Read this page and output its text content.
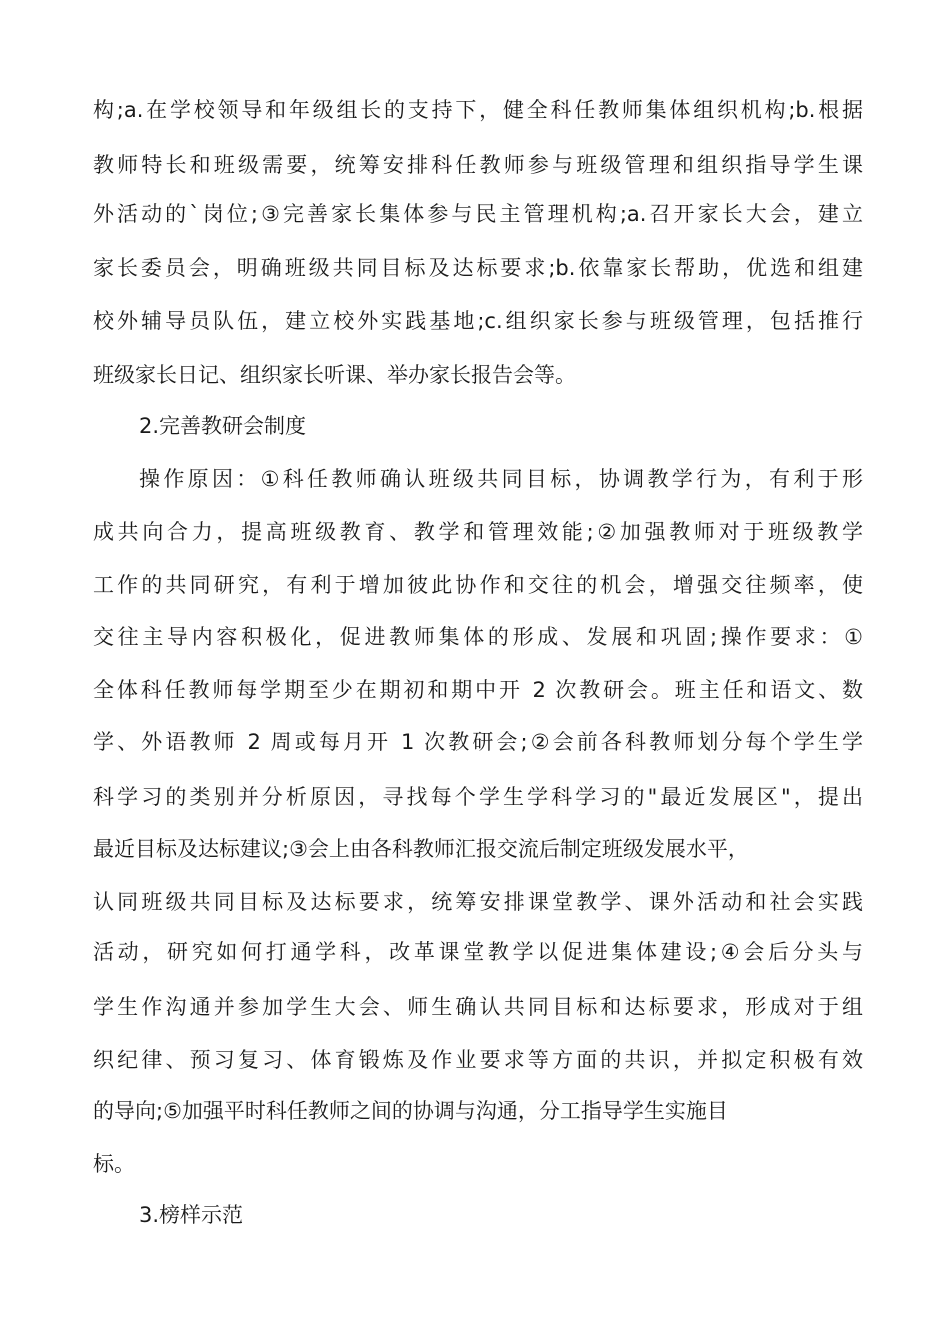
构;a.在学校领导和年级组长的支持下，健全科任教师集体组织机构;b.根据
教师特长和班级需要，统筹安排科任教师参与班级管理和组织指导学生课
外活动的`岗位;③完善家长集体参与民主管理机构;a.召开家长大会，建立
家长委员会，明确班级共同目标及达标要求;b.依靠家长帮助，优选和组建
校外辅导员队伍，建立校外实践基地;c.组织家长参与班级管理，包括推行
班级家长日记、组织家长听课、举办家长报告会等。
2.完善教研会制度
操作原因：①科任教师确认班级共同目标，协调教学行为，有利于形
成共向合力，提高班级教育、教学和管理效能;②加强教师对于班级教学
工作的共同研究，有利于增加彼此协作和交往的机会，增强交往频率，使
交往主导内容积极化，促进教师集体的形成、发展和巩固;操作要求：①
全体科任教师每学期至少在期初和期中开 2 次教研会。班主任和语文、数
学、外语教师 2 周或每月开 1 次教研会;②会前各科教师划分每个学生学
科学习的类别并分析原因，寻找每个学生学科学习的"最近发展区"，提出
最近目标及达标建议;③会上由各科教师汇报交流后制定班级发展水平，
认同班级共同目标及达标要求，统筹安排课堂教学、课外活动和社会实践
活动，研究如何打通学科，改革课堂教学以促进集体建设;④会后分头与
学生作沟通并参加学生大会、师生确认共同目标和达标要求，形成对于组
织纪律、预习复习、体育锻炼及作业要求等方面的共识，并拟定积极有效
的导向;⑤加强平时科任教师之间的协调与沟通，分工指导学生实施目
标。
3.榜样示范
